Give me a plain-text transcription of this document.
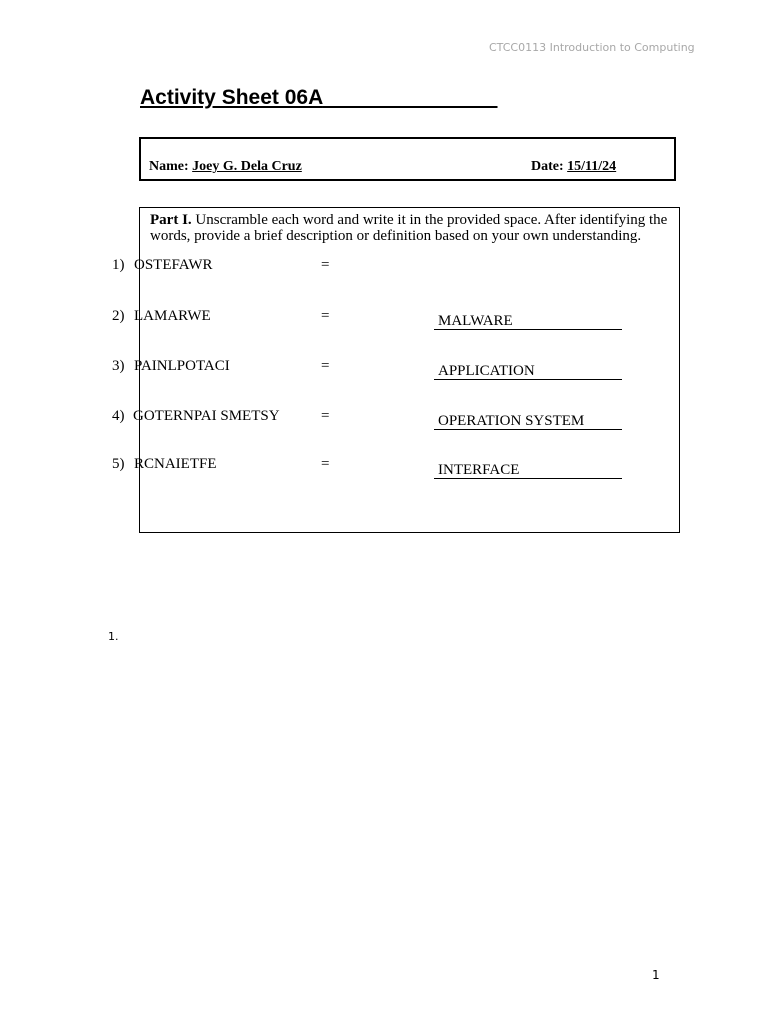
CTCC0113 Introduction to Computing
Activity Sheet 06A
Name: Joey G. Dela Cruz	Date: 15/11/24
Part I. Unscramble each word and write it in the provided space. After identifying the words, provide a brief description or definition based on your own understanding.
1) OSTEFAWR	=
2) LAMARWE	=	MALWARE
3) PAINLPOTACI	=	APPLICATION
4) GOTERNPAI SMETSY	=	OPERATION SYSTEM
5) RCNAIETFE	=	INTERFACE
1.
1
